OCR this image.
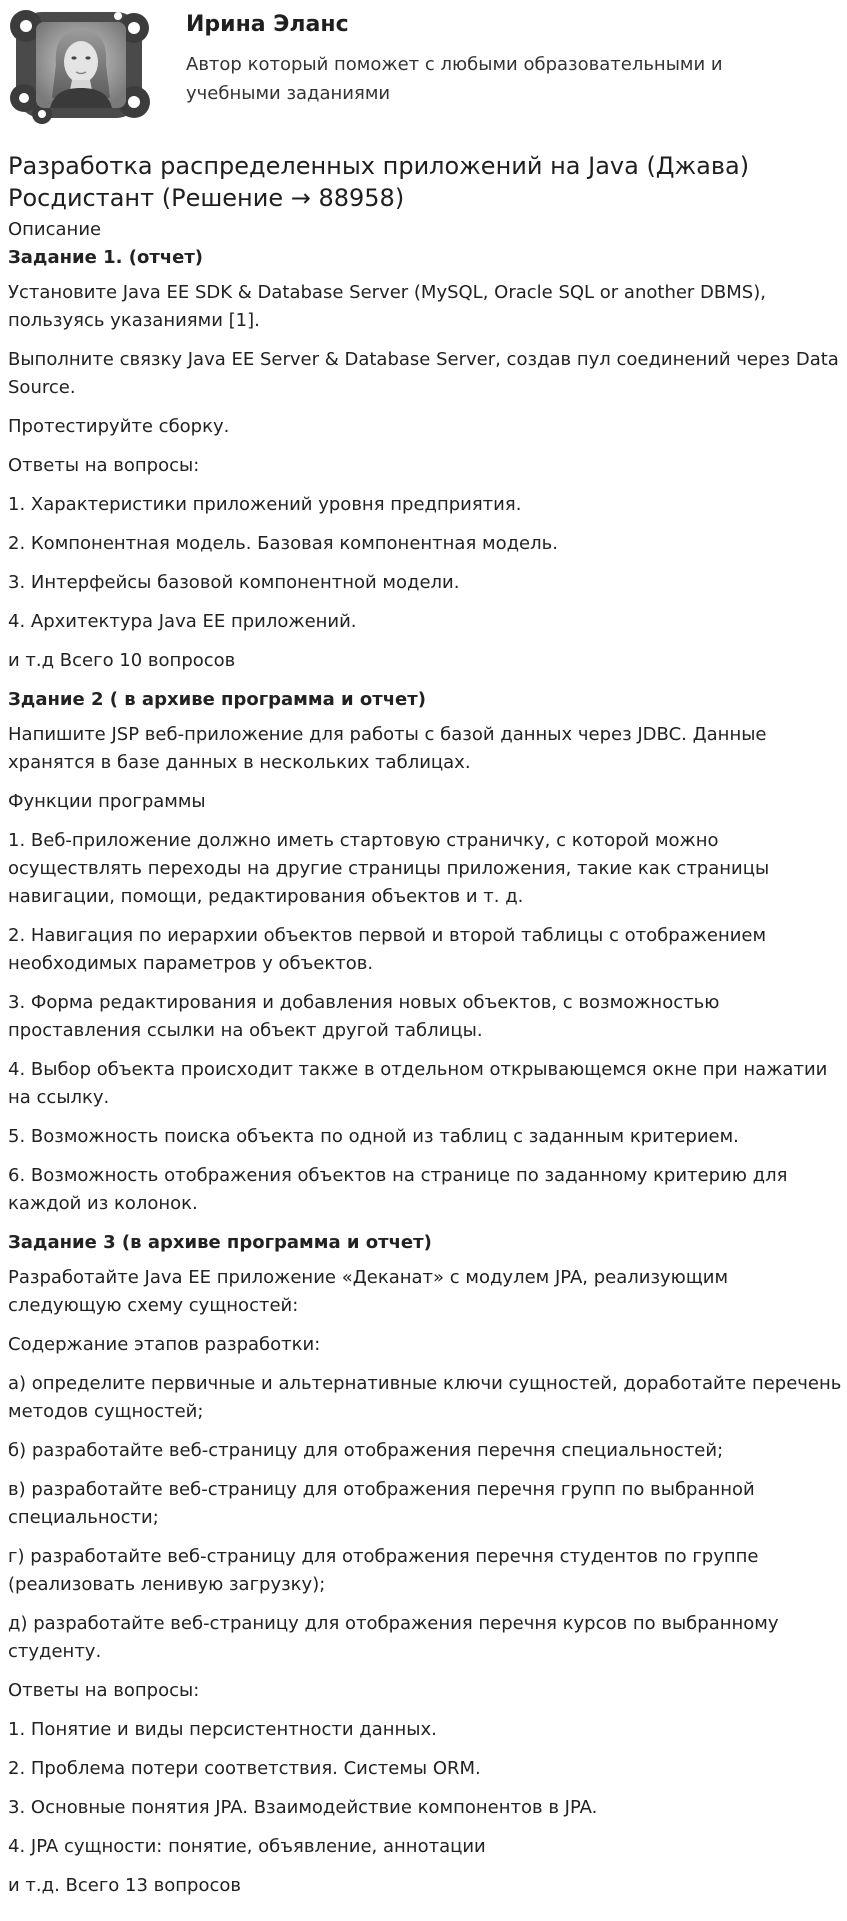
Ирина Эланс
Автор который поможет с любыми образовательными и учебными заданиями
Разработка распределенных приложений на Java (Джава) Росдистант (Решение → 88958)
Описание
Задание 1. (отчет)
Установите Java EE SDK & Database Server (MySQL, Oracle SQL or another DBMS), пользуясь указаниями [1].
Выполните связку Java EE Server & Database Server, создав пул соединений через Data Source.
Протестируйте сборку.
Ответы на вопросы:
1. Характеристики приложений уровня предприятия.
2. Компонентная модель. Базовая компонентная модель.
3. Интерфейсы базовой компонентной модели.
4. Архитектура Java EE приложений.
и т.д Всего 10 вопросов
Здание 2 ( в архиве программа и отчет)
Напишите JSP веб-приложение для работы с базой данных через JDBC. Данные хранятся в базе данных в нескольких таблицах.
Функции программы
1. Веб-приложение должно иметь стартовую страничку, с которой можно осуществлять переходы на другие страницы приложения, такие как страницы навигации, помощи, редактирования объектов и т. д.
2. Навигация по иерархии объектов первой и второй таблицы с отображением необходимых параметров у объектов.
3. Форма редактирования и добавления новых объектов, с возможностью проставления ссылки на объект другой таблицы.
4. Выбор объекта происходит также в отдельном открывающемся окне при нажатии на ссылку.
5. Возможность поиска объекта по одной из таблиц с заданным критерием.
6. Возможность отображения объектов на странице по заданному критерию для каждой из колонок.
Задание 3 (в архиве программа и отчет)
Разработайте Java EE приложение «Деканат» с модулем JPA, реализующим следующую схему сущностей:
Содержание этапов разработки:
а) определите первичные и альтернативные ключи сущностей, доработайте перечень методов сущностей;
б) разработайте веб-страницу для отображения перечня специальностей;
в) разработайте веб-страницу для отображения перечня групп по выбранной специальности;
г) разработайте веб-страницу для отображения перечня студентов по группе (реализовать ленивую загрузку);
д) разработайте веб-страницу для отображения перечня курсов по выбранному студенту.
Ответы на вопросы:
1. Понятие и виды персистентности данных.
2. Проблема потери соответствия. Системы ORM.
3. Основные понятия JPA. Взаимодействие компонентов в JPA.
4. JPA сущности: понятие, объявление, аннотации
и т.д. Всего 13 вопросов
